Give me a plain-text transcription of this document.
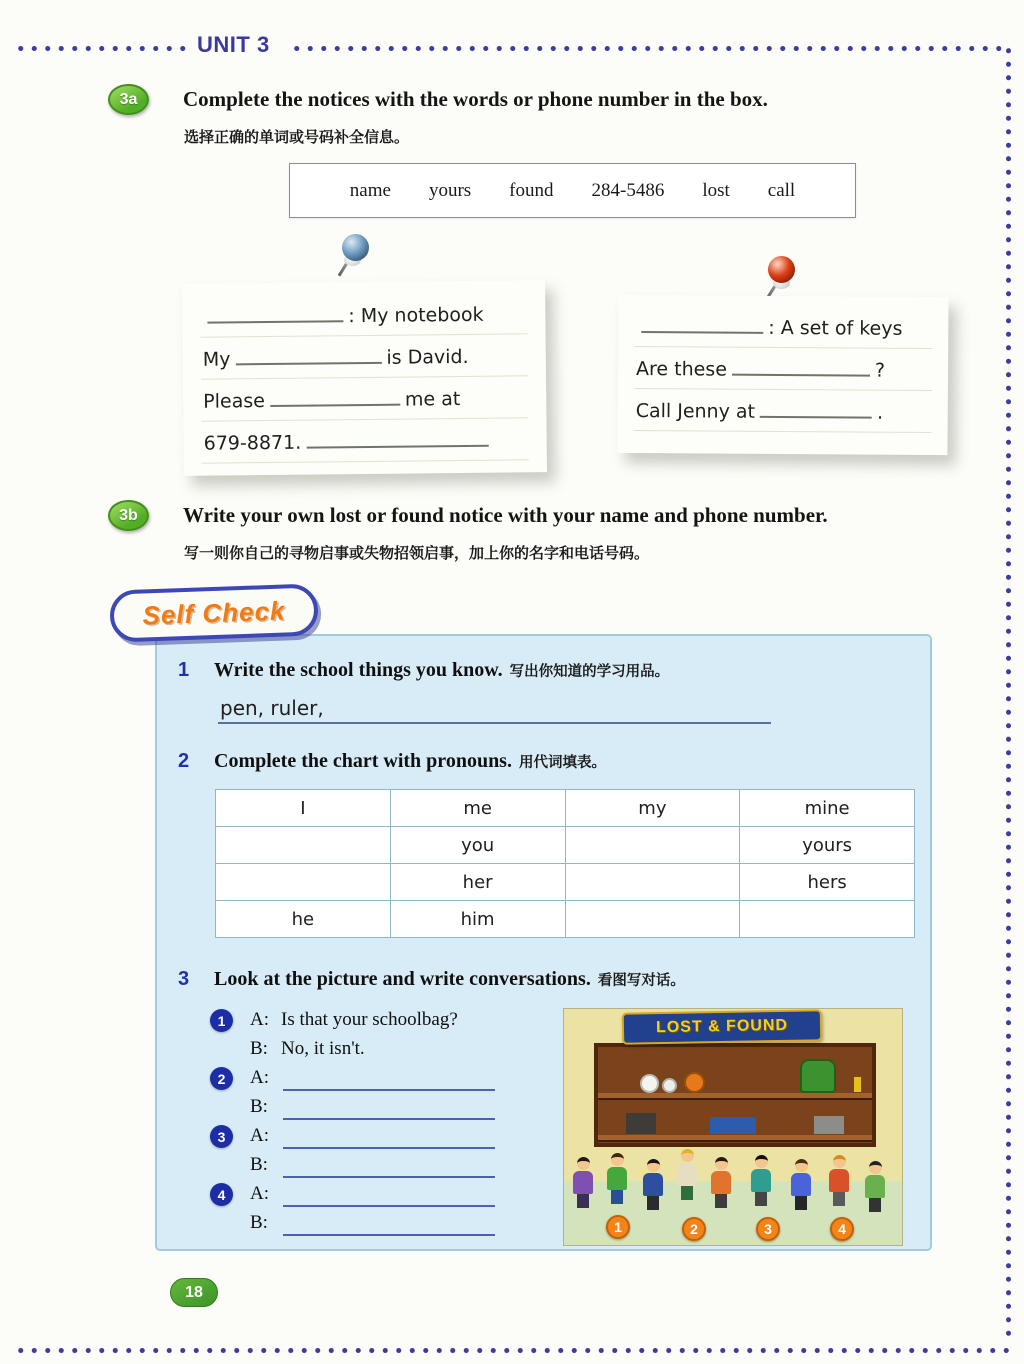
UNIT 3
3a	Complete the notices with the words or phone number in the box.
选择正确的单词或号码补全信息。
name yours found 284-5486 lost call
: My notebook
My	is David.
Please	me at
679-8871.
: A set of keys
Are these	?
Call Jenny at	.
3b	Write your own lost or found notice with your name and phone number.
写一则你自己的寻物启事或失物招领启事，加上你的名字和电话号码。
Self Check
1 Write the school things you know. 写出你知道的学习用品。
pen, ruler,
2 Complete the chart with pronouns. 用代词填表。
I	me	my	mine
	you		yours
	her		hers
he	him		
3 Look at the picture and write conversations. 看图写对话。
1	A: Is that your schoolbag?
B: No, it isn't.
2	A:
B:
3	A:
B:
4	A:
B:
LOST & FOUND
1	2	3	4
18
